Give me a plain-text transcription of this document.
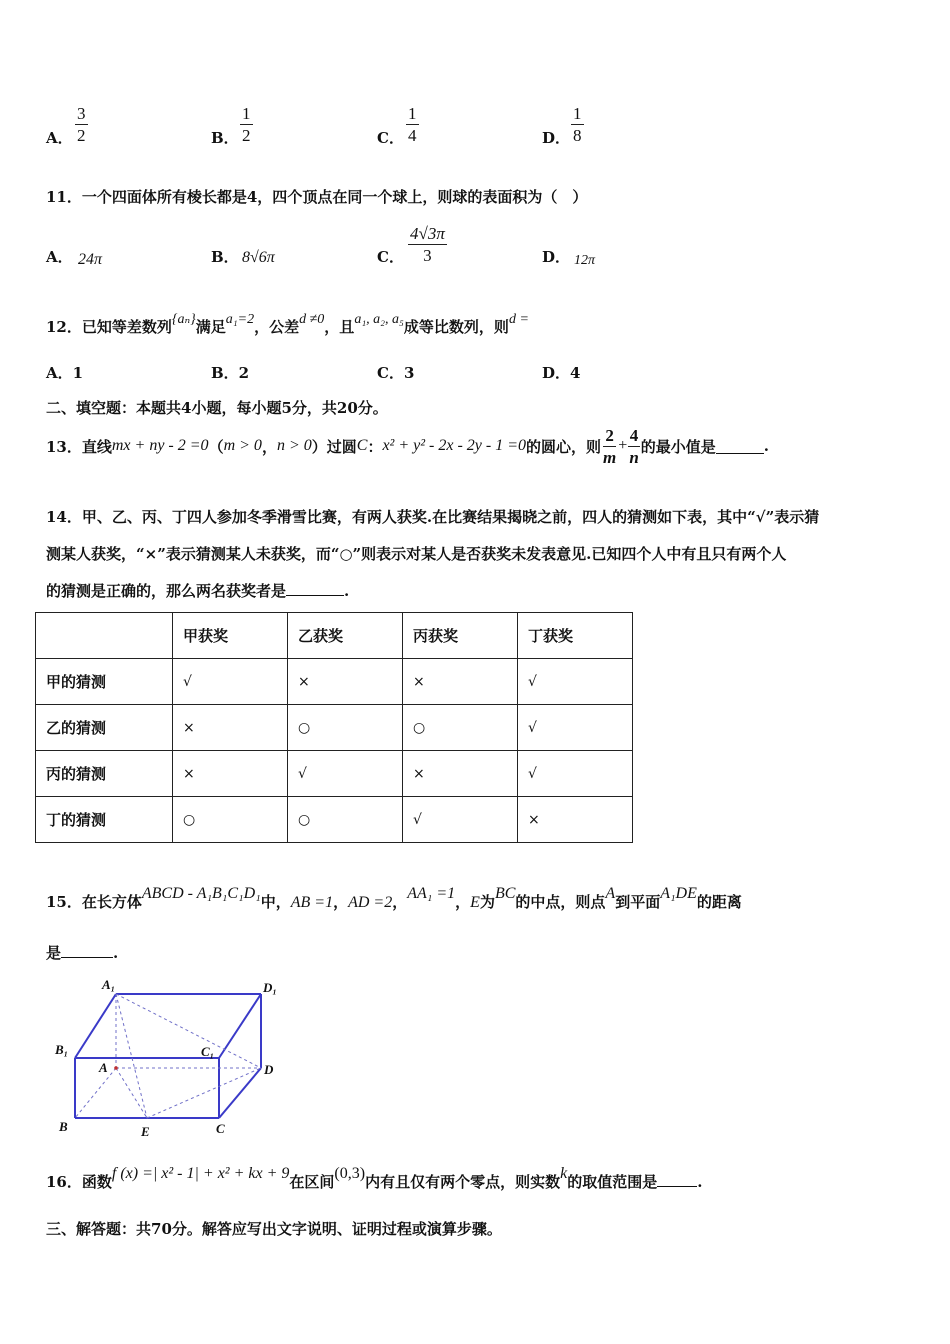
A． $\frac{3}{2}$	B． $\frac{1}{2}$	C． $\frac{1}{4}$	D． $\frac{1}{8}$
11．一个四面体所有棱长都是4，四个顶点在同一个球上，则球的表面积为（　）
A． 24π	B． 8√6π	C． $\frac{4√3\pi}{3}$	D． 12π
12．已知等差数列{aₙ}满足a₁=2，公差d ≠0，且a₁, a₂, a₅成等比数列，则d =
A．1	B．2	C．3	D．4
二、填空题：本题共4小题，每小题5分，共20分。
13．直线 mx + ny - 2 =0 （ m > 0 ， n > 0 ）过圆 C ： x² + y² - 2x - 2y - 1 =0 的圆心，则 $\frac{2}{m} + \frac{4}{n}$ 的最小值是	.
14．甲、乙、丙、丁四人参加冬季滑雪比赛，有两人获奖.在比赛结果揭晓之前，四人的猜测如下表，其中“√”表示猜
测某人获奖，“×”表示猜测某人未获奖，而“○”则表示对某人是否获奖未发表意见.已知四个人中有且只有两个人
的猜测是正确的，那么两名获奖者是	.
	甲获奖	乙获奖	丙获奖	丁获奖
甲的猜测	√	×	×	√
乙的猜测	×	○	○	√
丙的猜测	×	√	×	√
丁的猜测	○	○	√	×
15．在长方体ABCD - A₁B₁C₁D₁中，AB =1，AD =2，AA₁ =1，E为BC的中点，则点A到平面A₁DE的距离
是	.
A₁	D₁
B₁	C₁
A	D
B	E	C
16．函数f (x) =| x² - 1| + x² + kx + 9在区间(0,3)内有且仅有两个零点，则实数k的取值范围是	.
三、解答题：共70分。解答应写出文字说明、证明过程或演算步骤。
